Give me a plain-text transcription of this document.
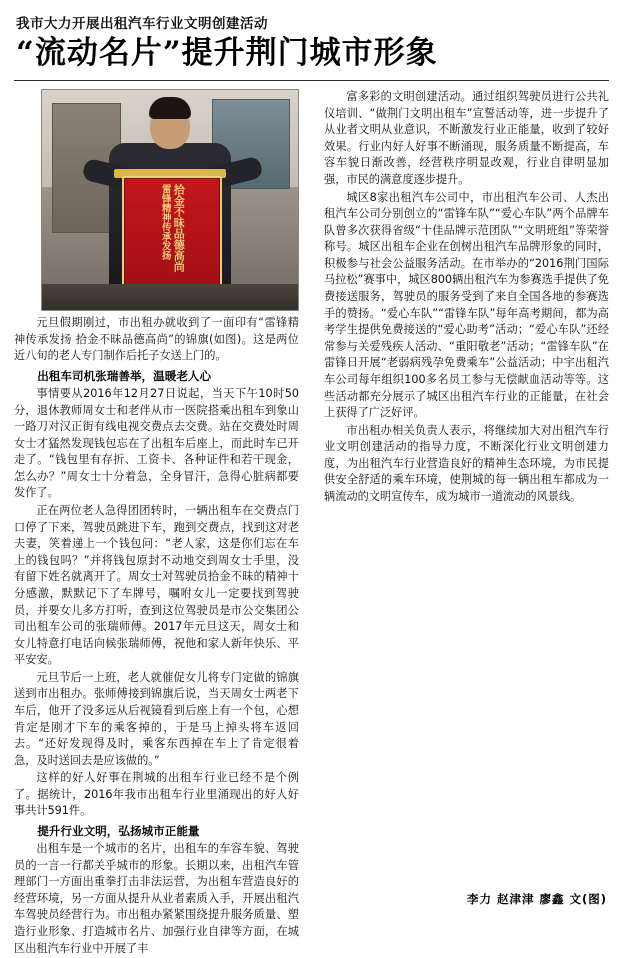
我市大力开展出租汽车行业文明创建活动
“流动名片”提升荆门城市形象
拾金不昧品德高尚
雷锋精神传承发扬

元旦假期刚过，市出租办就收到了一面印有“雷锋精神传承发扬 拾金不昧品德高尚”的锦旗(如图)。这是两位近八旬的老人专门制作后托子女送上门的。

出租车司机张瑞善举，温暖老人心

事情要从2016年12月27日说起，当天下午10时50分，退休教师周女士和老伴从市一医院搭乘出租车到象山一路刀对汉正街有线电视交费点去交费。站在交费处时周女士才猛然发现钱包忘在了出租车后座上，而此时车已开走了。“钱包里有存折、工资卡、各种证件和若干现金，怎么办？”周女士十分着急，全身冒汗，急得心脏病都要发作了。

正在两位老人急得团团转时，一辆出租车在交费点门口停了下来，驾驶员跳进下车，跑到交费点，找到这对老夫妻，笑着递上一个钱包问：“老人家，这是你们忘在车上的钱包吗？”并将钱包原封不动地交到周女士手里，没有留下姓名就离开了。周女士对驾驶员拾金不昧的精神十分感激，默默记下了车牌号，嘱咐女儿一定要找到驾驶员，并要女儿多方打听，查到这位驾驶员是市公交集团公司出租车公司的张瑞师傅。2017年元旦这天，周女士和女儿特意打电话向候张瑞师傅，祝他和家人新年快乐、平平安安。

元旦节后一上班，老人就催促女儿将专门定做的锦旗送到市出租办。张师傅接到锦旗后说，当天周女士两老下车后，他开了没多远从后视镜看到后座上有一个包，心想肯定是刚才下车的乘客掉的，于是马上掉头将车返回去。“还好发现得及时，乘客东西掉在车上了肯定很着急，及时送回去是应该做的。”

这样的好人好事在荆城的出租车行业已经不是个例了。据统计，2016年我市出租车行业里涌现出的好人好事共计591件。

提升行业文明，弘扬城市正能量

出租车是一个城市的名片，出租车的车容车貌、驾驶员的一言一行都关乎城市的形象。长期以来，出租汽车管理部门一方面出重拳打击非法运营，为出租车营造良好的经营环境，另一方面从提升从业者素质入手，开展出租汽车驾驶员经营行为。市出租办紧紧围绕提升服务质量、塑造行业形象、打造城市名片、加强行业自律等方面，在城区出租汽车行业中开展了丰

富多彩的文明创建活动。通过组织驾驶员进行公共礼仪培训、“做荆门文明出租车”宣誓活动等，进一步提升了从业者文明从业意识，不断激发行业正能量，收到了较好效果。行业内好人好事不断涌现，服务质量不断提高，车容车貌日渐改善，经营秩序明显改观，行业自律明显加强，市民的满意度逐步提升。

城区8家出租汽车公司中，市出租汽车公司、人杰出租汽车公司分别创立的“雷锋车队”“爱心车队”两个品牌车队曾多次获得省级“十佳品牌示范团队”“文明班组”等荣誉称号。城区出租车企业在创树出租汽车品牌形象的同时，积极参与社会公益服务活动。在市举办的“2016荆门国际马拉松”赛事中，城区800辆出租汽车为参赛选手提供了免费接送服务，驾驶员的服务受到了来自全国各地的参赛选手的赞扬。“爱心车队”“雷锋车队”每年高考期间，都为高考学生提供免费接送的“爱心助考”活动；“爱心车队”还经常参与关爱残疾人活动、“重阳敬老”活动；“雷锋车队”在雷锋日开展“老弱病残孕免费乘车”公益活动；中宇出租汽车公司每年组织100多名员工参与无偿献血活动等等。这些活动都充分展示了城区出租汽车行业的正能量，在社会上获得了广泛好评。

市出租办相关负责人表示，将继续加大对出租汽车行业文明创建活动的指导力度，不断深化行业文明创建力度，为出租汽车行业营造良好的精神生态环境，为市民提供安全舒适的乘车环境，使荆城的每一辆出租车都成为一辆流动的文明宣传车，成为城市一道流动的风景线。

李力 赵津津 廖鑫 文(图)
